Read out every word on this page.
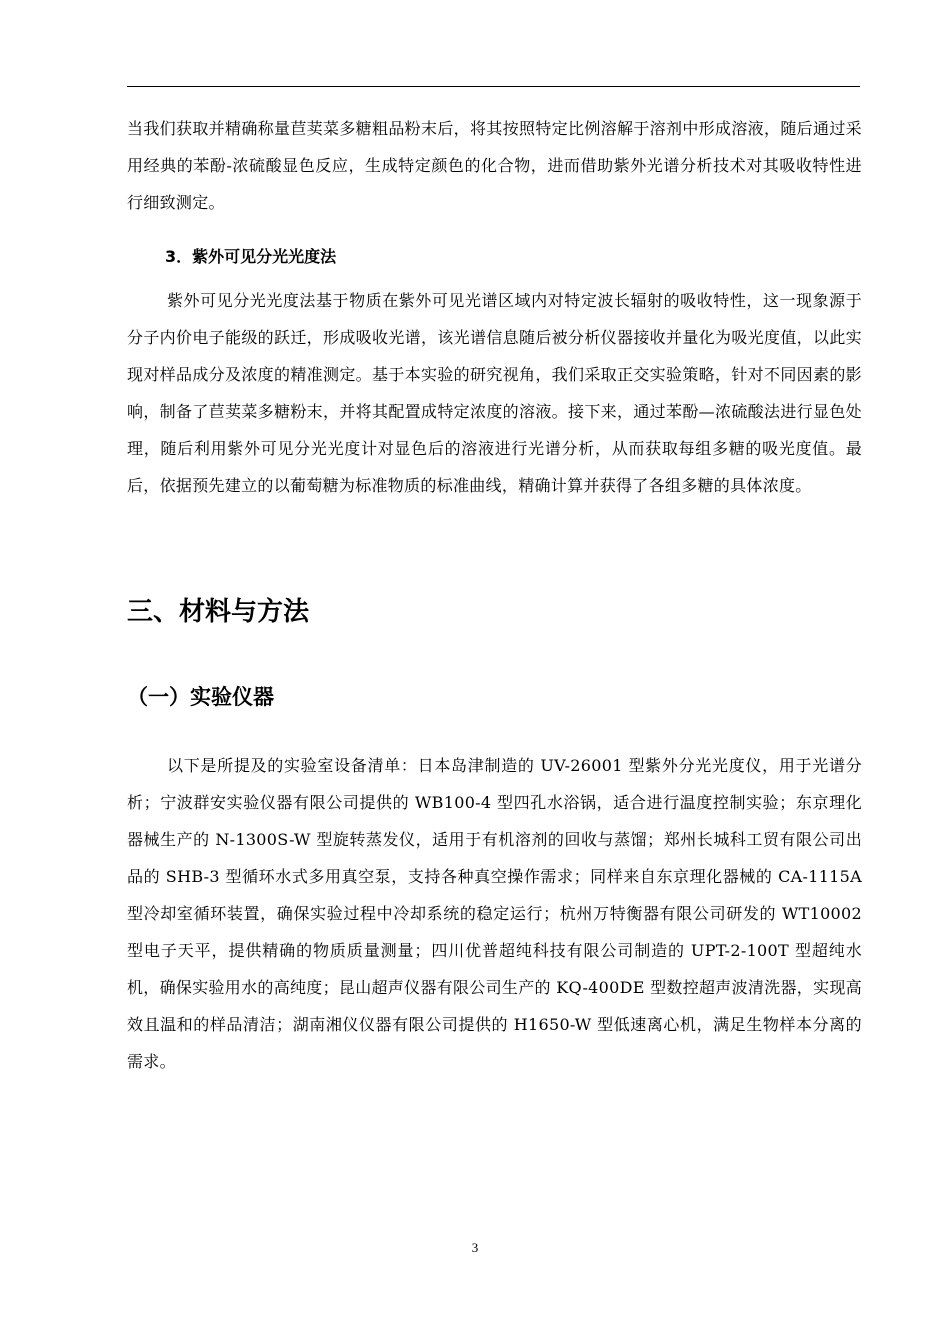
当我们获取并精确称量苣荬菜多糖粗品粉末后，将其按照特定比例溶解于溶剂中形成溶液，随后通过采用经典的苯酚-浓硫酸显色反应，生成特定颜色的化合物，进而借助紫外光谱分析技术对其吸收特性进行细致测定。

3．紫外可见分光光度法

紫外可见分光光度法基于物质在紫外可见光谱区域内对特定波长辐射的吸收特性，这一现象源于分子内价电子能级的跃迁，形成吸收光谱，该光谱信息随后被分析仪器接收并量化为吸光度值，以此实现对样品成分及浓度的精准测定。基于本实验的研究视角，我们采取正交实验策略，针对不同因素的影响，制备了苣荬菜多糖粉末，并将其配置成特定浓度的溶液。接下来，通过苯酚—浓硫酸法进行显色处理，随后利用紫外可见分光光度计对显色后的溶液进行光谱分析，从而获取每组多糖的吸光度值。最后，依据预先建立的以葡萄糖为标准物质的标准曲线，精确计算并获得了各组多糖的具体浓度。

三、材料与方法
（一）实验仪器

以下是所提及的实验室设备清单：日本岛津制造的 UV-26001 型紫外分光光度仪，用于光谱分析；宁波群安实验仪器有限公司提供的 WB100-4 型四孔水浴锅，适合进行温度控制实验；东京理化器械生产的 N-1300S-W 型旋转蒸发仪，适用于有机溶剂的回收与蒸馏；郑州长城科工贸有限公司出品的 SHB-3 型循环水式多用真空泵，支持各种真空操作需求；同样来自东京理化器械的 CA-1115A 型冷却室循环装置，确保实验过程中冷却系统的稳定运行；杭州万特衡器有限公司研发的 WT10002 型电子天平，提供精确的物质质量测量；四川优普超纯科技有限公司制造的 UPT-2-100T 型超纯水机，确保实验用水的高纯度；昆山超声仪器有限公司生产的 KQ-400DE 型数控超声波清洗器，实现高效且温和的样品清洁；湖南湘仪仪器有限公司提供的 H1650-W 型低速离心机，满足生物样本分离的需求。

3
